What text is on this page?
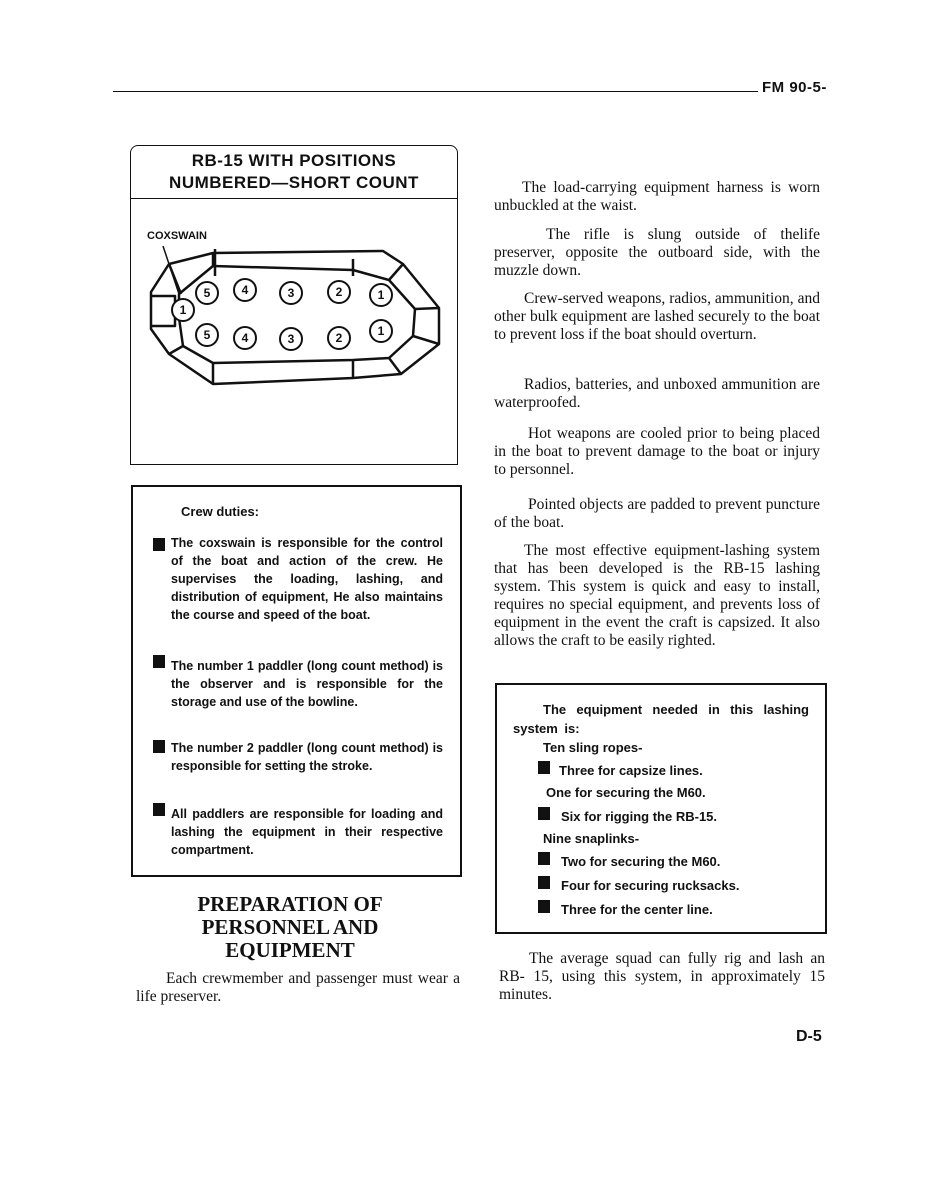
FM 90-5-
RB-15 WITH POSITIONS
NUMBERED—SHORT COUNT
COXSWAIN
1
5	4	3	2	1
5	4	3	2	1
Crew duties:
The coxswain is responsible for the control of the boat and action of the crew. He supervises the loading, lashing, and distribution of equipment, He also maintains the course and speed of the boat.
The number 1 paddler (long count method) is the observer and is responsible for the storage and use of the bowline.
The number 2 paddler (long count method) is responsible for setting the stroke.
All paddlers are responsible for loading and lashing the equipment in their respective compartment.
PREPARATION OF PERSONNEL AND EQUIPMENT
Each crewmember and passenger must wear a life preserver.
The load-carrying equipment harness is worn unbuckled at the waist.
The rifle is slung outside of thelife preserver, opposite the outboard side, with the muzzle down.
Crew-served weapons, radios, ammunition, and other bulk equipment are lashed securely to the boat to prevent loss if the boat should overturn.
Radios, batteries, and unboxed ammunition are waterproofed.
Hot weapons are cooled prior to being placed in the boat to prevent damage to the boat or injury to personnel.
Pointed objects are padded to prevent puncture of the boat.
The most effective equipment-lashing system that has been developed is the RB-15 lashing system. This system is quick and easy to install, requires no special equipment, and prevents loss of equipment in the event the craft is capsized. It also allows the craft to be easily righted.
The equipment needed in this lashing system is:
Ten sling ropes-
Three for capsize lines.
One for securing the M60.
Six for rigging the RB-15.
Nine snaplinks-
Two for securing the M60.
Four for securing rucksacks.
Three for the center line.
The average squad can fully rig and lash an RB- 15, using this system, in approximately 15 minutes.
D-5
